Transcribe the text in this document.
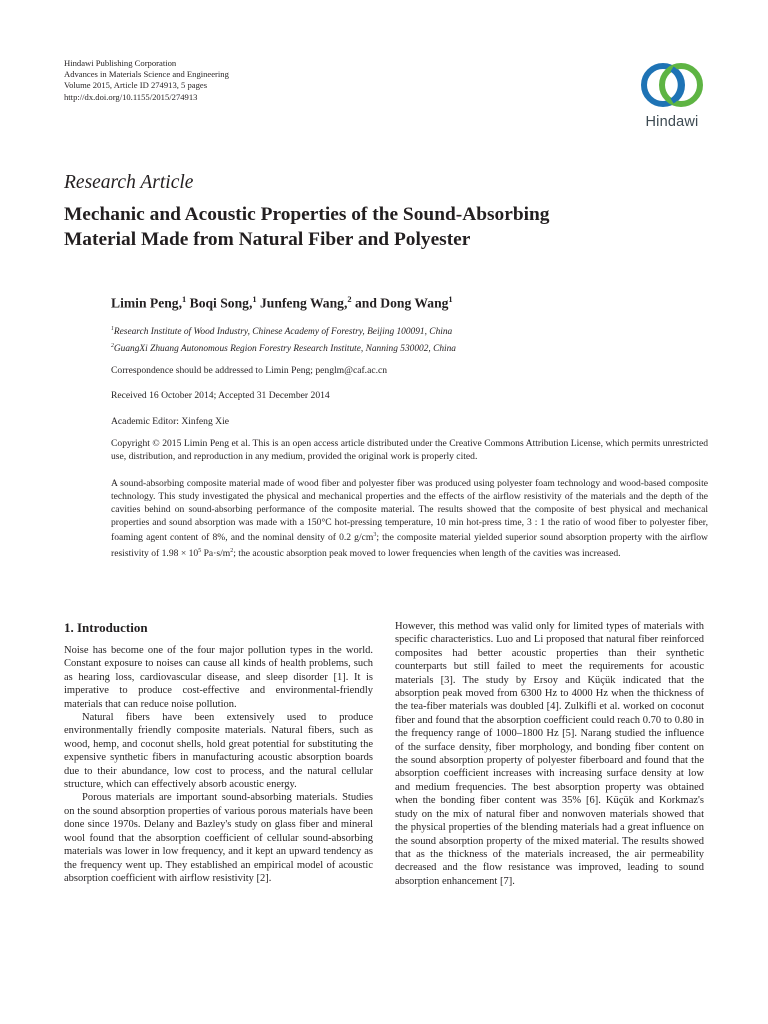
Hindawi Publishing Corporation
Advances in Materials Science and Engineering
Volume 2015, Article ID 274913, 5 pages
http://dx.doi.org/10.1155/2015/274913
Hindawi
Research Article
Mechanic and Acoustic Properties of the Sound-Absorbing
Material Made from Natural Fiber and Polyester
Limin Peng,$^1$ Boqi Song,$^1$ Junfeng Wang,$^2$ and Dong Wang$^1$
$^1$Research Institute of Wood Industry, Chinese Academy of Forestry, Beijing 100091, China
$^2$GuangXi Zhuang Autonomous Region Forestry Research Institute, Nanning 530002, China
Correspondence should be addressed to Limin Peng; penglm@caf.ac.cn
Received 16 October 2014; Accepted 31 December 2014
Academic Editor: Xinfeng Xie
Copyright © 2015 Limin Peng et al. This is an open access article distributed under the Creative Commons Attribution License, which permits unrestricted use, distribution, and reproduction in any medium, provided the original work is properly cited.
A sound-absorbing composite material made of wood fiber and polyester fiber was produced using polyester foam technology and wood-based composite technology. This study investigated the physical and mechanical properties and the effects of the airflow resistivity of the materials and the depth of the cavities behind on sound-absorbing performance of the composite material. The results showed that the composite of best physical and mechanical properties and sound absorption was made with a 150°C hot-pressing temperature, 10 min hot-press time, 3 : 1 the ratio of wood fiber to polyester fiber, foaming agent content of 8%, and the nominal density of 0.2 $g/cm^3$; the composite material yielded superior sound absorption property with the airflow resistivity of $1.98 \times 10^5$ $Pa\cdot s/m^2$; the acoustic absorption peak moved to lower frequencies when length of the cavities was increased.
1. Introduction

Noise has become one of the four major pollution types in the world. Constant exposure to noises can cause all kinds of health problems, such as hearing loss, cardiovascular disease, and sleep disorder [1]. It is imperative to produce cost-effective and environmental-friendly materials that can reduce noise pollution.

Natural fibers have been extensively used to produce environmentally friendly composite materials. Natural fibers, such as wood, hemp, and coconut shells, hold great potential for substituting the expensive synthetic fibers in manufacturing acoustic absorption boards due to their abundance, low cost to process, and the natural cellular structure, which can effectively absorb acoustic energy.

Porous materials are important sound-absorbing materials. Studies on the sound absorption properties of various porous materials have been done since 1970s. Delany and Bazley's study on glass fiber and mineral wool found that the absorption coefficient of cellular sound-absorbing materials was lower in low frequency, and it kept an upward tendency as the frequency went up. They established an empirical model of acoustic absorption coefficient with airflow resistivity [2].

However, this method was valid only for limited types of materials with specific characteristics. Luo and Li proposed that natural fiber reinforced composites had better acoustic properties than their synthetic counterparts but still failed to meet the requirements for acoustic materials [3]. The study by Ersoy and Küçük indicated that the absorption peak moved from 6300 Hz to 4000 Hz when the thickness of the tea-fiber materials was doubled [4]. Zulkifli et al. worked on coconut fiber and found that the absorption coefficient could reach 0.70 to 0.80 in the frequency range of 1000–1800 Hz [5]. Narang studied the influence of the surface density, fiber morphology, and bonding fiber content on the sound absorption property of polyester fiberboard and found that the absorption coefficient increases with increasing surface density at low and medium frequencies. The best absorption property was obtained when the bonding fiber content was 35% [6]. Küçük and Korkmaz's study on the mix of natural fiber and nonwoven materials showed that the physical properties of the blending materials had a great influence on the sound absorption property of the mixed material. The results showed that as the thickness of the materials increased, the air permeability decreased and the flow resistance was improved, leading to sound absorption enhancement [7].
